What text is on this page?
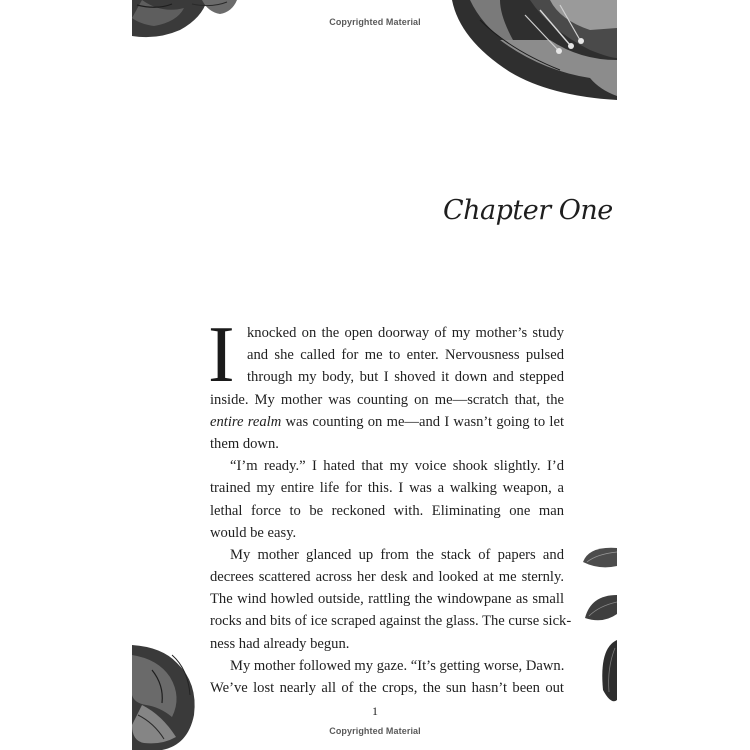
Copyrighted Material
Chapter One
I knocked on the open doorway of my mother’s study
and she called for me to enter. Nervousness pulsed
through my body, but I shoved it down and stepped
inside. My mother was counting on me—scratch that, the
entire realm was counting on me—and I wasn’t going to let
them down.
“I’m ready.” I hated that my voice shook slightly. I’d
trained my entire life for this. I was a walking weapon, a
lethal force to be reckoned with. Eliminating one man
would be easy.
My mother glanced up from the stack of papers and
decrees scattered across her desk and looked at me sternly.
The wind howled outside, rattling the windowpane as small
rocks and bits of ice scraped against the glass. The curse sick-
ness had already begun.
My mother followed my gaze. “It’s getting worse, Dawn.
We’ve lost nearly all of the crops, the sun hasn’t been out
1
Copyrighted Material
